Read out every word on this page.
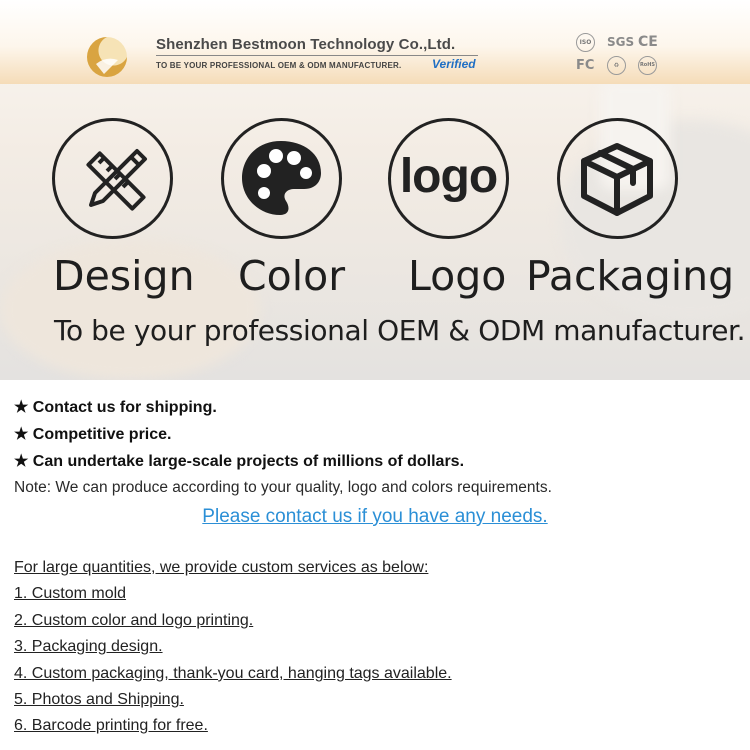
Shenzhen Bestmoon Technology Co.,Ltd.
TO BE YOUR PROFESSIONAL OEM & ODM MANUFACTURER.	Verified
ISO	SGS CE
FC	♻	RoHS
logo
Design Color Logo Packaging
To be your professional OEM & ODM manufacturer.
★ Contact us for shipping.
★ Competitive price.
★ Can undertake large-scale projects of millions of dollars.
Note: We can produce according to your quality, logo and colors requirements.
Please contact us if you have any needs.
For large quantities, we provide custom services as below:
1. Custom mold
2. Custom color and logo printing.
3. Packaging design.
4. Custom packaging, thank-you card, hanging tags available.
5. Photos and Shipping.
6. Barcode printing for free.
